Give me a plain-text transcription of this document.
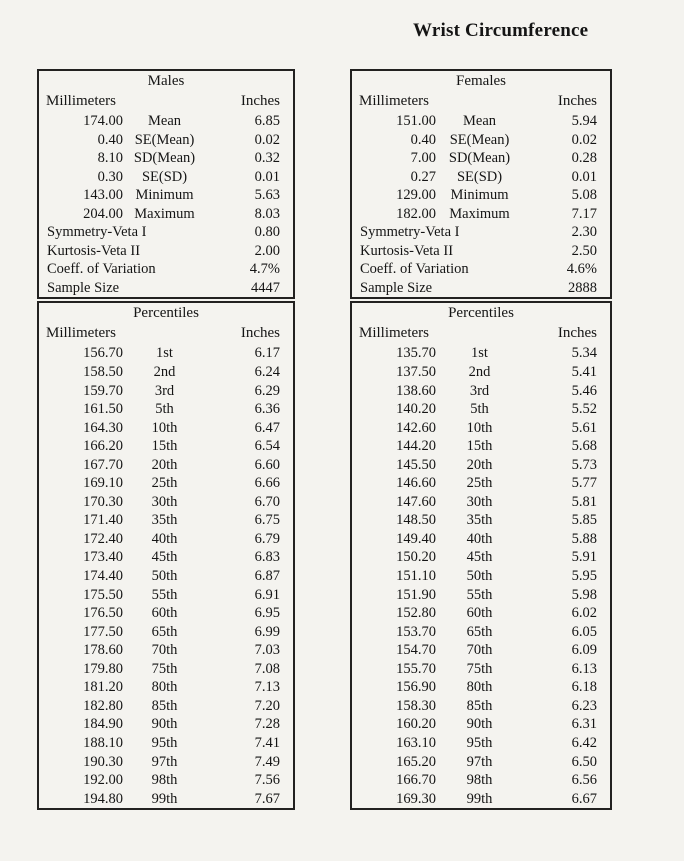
Wrist Circumference
Males
Millimeters	Inches
174.00	Mean	6.85
0.40 SE(Mean)	0.02
8.10 SD(Mean)	0.32
0.30	SE(SD)	0.01
143.00 Minimum	5.63
204.00 Maximum	8.03
Symmetry-Veta I	0.80
Kurtosis-Veta II	2.00
Coeff. of Variation	4.7%
Sample Size	4447
Percentiles
Millimeters	Inches
156.70	1st	6.17
158.50	2nd	6.24
159.70	3rd	6.29
161.50	5th	6.36
164.30	10th	6.47
166.20	15th	6.54
167.70	20th	6.60
169.10	25th	6.66
170.30	30th	6.70
171.40	35th	6.75
172.40	40th	6.79
173.40	45th	6.83
174.40	50th	6.87
175.50	55th	6.91
176.50	60th	6.95
177.50	65th	6.99
178.60	70th	7.03
179.80	75th	7.08
181.20	80th	7.13
182.80	85th	7.20
184.90	90th	7.28
188.10	95th	7.41
190.30	97th	7.49
192.00	98th	7.56
194.80	99th	7.67
Females
Millimeters	Inches
151.00	Mean	5.94
0.40 SE(Mean)	0.02
7.00 SD(Mean)	0.28
0.27	SE(SD)	0.01
129.00 Minimum	5.08
182.00 Maximum	7.17
Symmetry-Veta I	2.30
Kurtosis-Veta II	2.50
Coeff. of Variation	4.6%
Sample Size	2888
Percentiles
Millimeters	Inches
135.70	1st	5.34
137.50	2nd	5.41
138.60	3rd	5.46
140.20	5th	5.52
142.60	10th	5.61
144.20	15th	5.68
145.50	20th	5.73
146.60	25th	5.77
147.60	30th	5.81
148.50	35th	5.85
149.40	40th	5.88
150.20	45th	5.91
151.10	50th	5.95
151.90	55th	5.98
152.80	60th	6.02
153.70	65th	6.05
154.70	70th	6.09
155.70	75th	6.13
156.90	80th	6.18
158.30	85th	6.23
160.20	90th	6.31
163.10	95th	6.42
165.20	97th	6.50
166.70	98th	6.56
169.30	99th	6.67
